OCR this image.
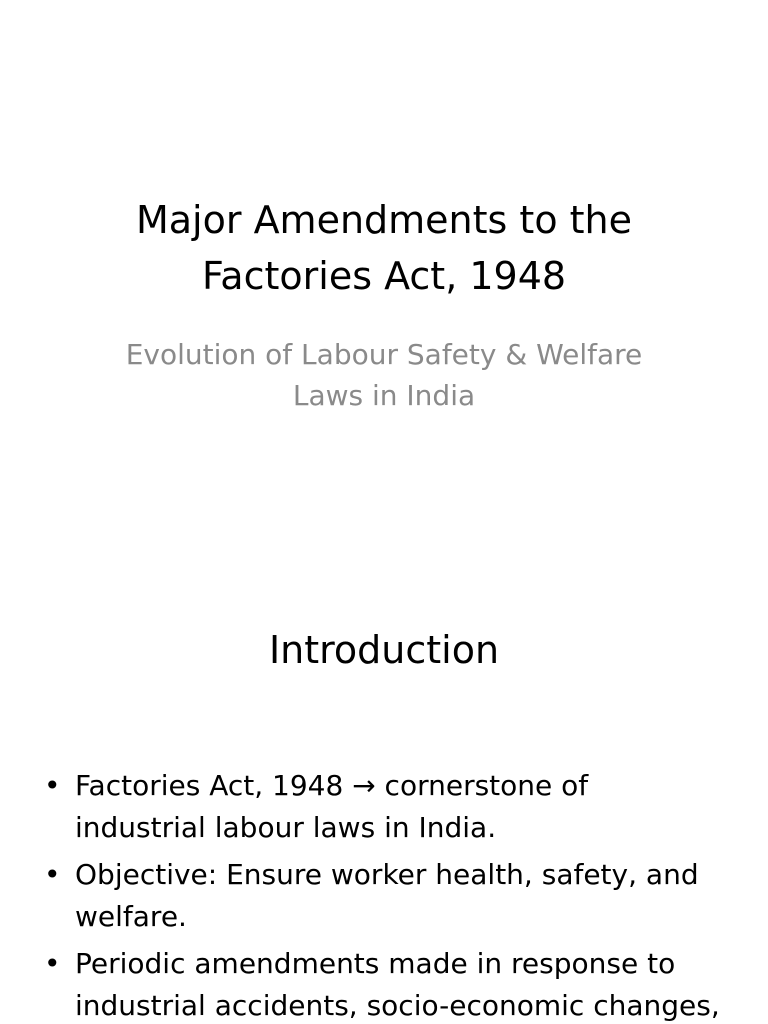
Major Amendments to the
Factories Act, 1948

Evolution of Labour Safety & Welfare
Laws in India

Introduction
• Factories Act, 1948 → cornerstone of
industrial labour laws in India.
• Objective: Ensure worker health, safety, and
welfare.
• Periodic amendments made in response to
industrial accidents, socio-economic changes,
